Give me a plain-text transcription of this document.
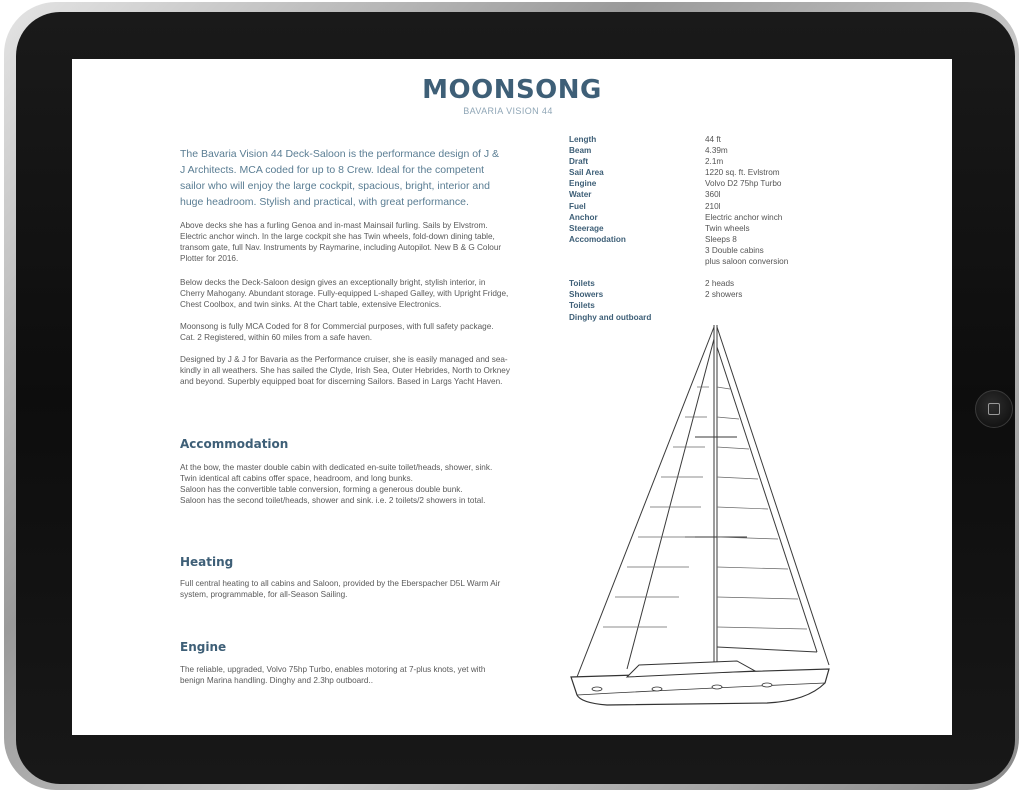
MOONSONG
BAVARIA VISION 44
The Bavaria Vision 44 Deck-Saloon is the performance design of J & J Architects. MCA coded for up to 8 Crew. Ideal for the competent sailor who will enjoy the large cockpit, spacious, bright, interior and huge headroom. Stylish and practical, with great performance.
Above decks she has a furling Genoa and in-mast Mainsail furling. Sails by Elvstrom. Electric anchor winch. In the large cockpit she has Twin wheels, fold-down dining table, transom gate, full Nav. Instruments by Raymarine, including Autopilot. New B & G Colour Plotter for 2016.
Below decks the Deck-Saloon design gives an exceptionally bright, stylish interior, in Cherry Mahogany. Abundant storage. Fully-equipped L-shaped Galley, with Upright Fridge, Chest Coolbox, and twin sinks. At the Chart table, extensive Electronics.
Moonsong is fully MCA Coded for 8 for Commercial purposes, with full safety package. Cat. 2 Registered, within 60 miles from a safe haven.
Designed by J & J for Bavaria as the Performance cruiser, she is easily managed and sea-kindly in all weathers. She has sailed the Clyde, Irish Sea, Outer Hebrides, North to Orkney and beyond. Superbly equipped boat for discerning Sailors. Based in Largs Yacht Haven.
Accommodation
At the bow, the master double cabin with dedicated en-suite toilet/heads, shower, sink.
Twin identical aft cabins offer space, headroom, and long bunks.
Saloon has the convertible table conversion, forming a generous double bunk.
Saloon has the second toilet/heads, shower and sink. i.e. 2 toilets/2 showers in total.
Heating
Full central heating to all cabins and Saloon, provided by the Eberspacher D5L Warm Air system, programmable, for all-Season Sailing.
Engine
The reliable, upgraded, Volvo 75hp Turbo, enables motoring at 7-plus knots, yet with benign Marina handling. Dinghy and 2.3hp outboard..
Length	44 ft
Beam	4.39m
Draft	2.1m
Sail Area	1220 sq. ft. Evlstrom
Engine	Volvo D2 75hp Turbo
Water	360l
Fuel	210l
Anchor	Electric anchor winch
Steerage	Twin wheels
Accomodation	Sleeps 8
3 Double cabins
plus saloon conversion

Toilets	2 heads
Showers	2 showers
Toilets
Dinghy and outboard
